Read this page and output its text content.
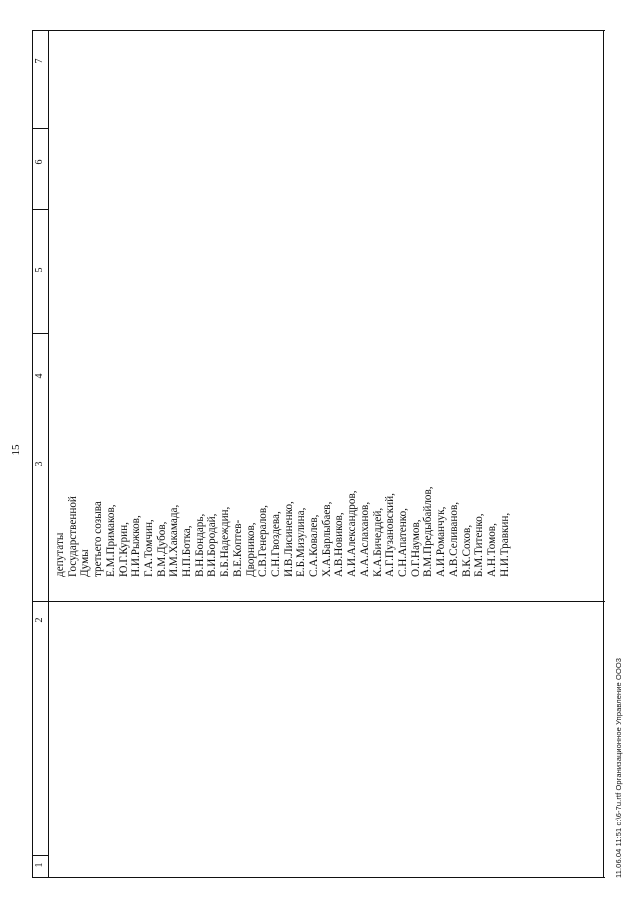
15
1
2
3
4
5
6
7
депутаты Государственной Думы третьего созыва Е.М.Примаков, Ю.Г.Курин, Н.И.Рыжков, Г.А.Томчин, В.М.Дубов, И.М.Хакамада, Н.П.Ботка, В.Н.Бондарь, В.И.Бородай, Б.Б.Надеждин, В.Е.Коптев- Дворников, С.В.Генералов, С.Н.Гвоздева, И.В.Лисиненко, Е.Б.Мизулина, С.А.Ковалев, Х.А.Барлыбаев, А.В.Новиков, А.И.Александров, А.А.Аслаханов, К.А.Бичеддей, А.Г.Пузановский, С.Н.Апатенко, О.Г.Наумов, В.М.Предыбайлов, А.И.Романчук, А.В.Селиванов, В.К.Сохов, Б.М.Титенко, А.Н.Томов, Н.И.Травкин,
11.06.04 11:51 c:\6-7u.rtf Организационное Управление ООО3
